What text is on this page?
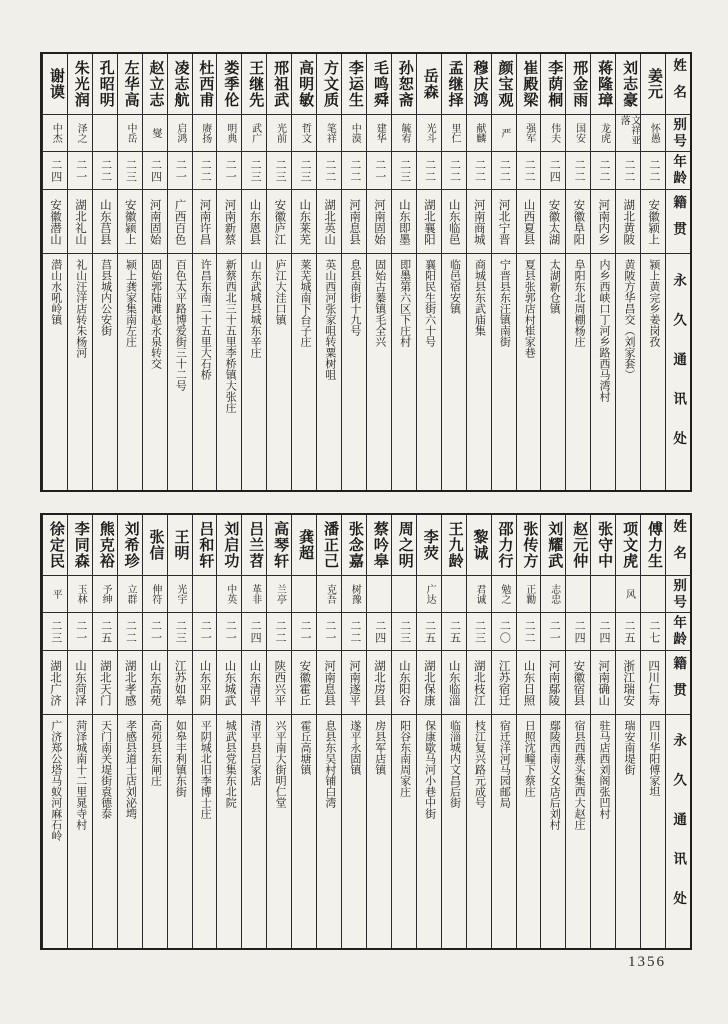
姓名
别号
年龄
籍贯
永久通讯处
姜元
怀愚
二二
安徽颍上
颍上黄完乡姜岗孜
刘志豪
文祥亚落
二二
湖北黄陂
黄陂方华昌交（刘家套）
蒋隆璋
龙虎
二二
河南内乡
内乡西峡口丁河乡路西马湾村
邢金雨
国安
二二
安徽阜阳
阜阳东北周棚杨庄
李荫桐
伟夫
二四
安徽太湖
太湖新仓镇
崔殿梁
强军
二二
山西夏县
夏县张郭店村崔家巷
颜宝观
严
二二
河北宁晋
宁晋县东汪镇南街
穆庆鸿
献麟
二二
河南商城
商城县东武庙集
孟继择
里仁
二二
山东临邑
临邑宿安镇
岳森
光斗
二二
湖北襄阳
襄阳民生街六十号
孙恕斋
毓宥
二三
山东即墨
即墨第六区下庄村
毛鸣舜
建华
二一
河南固始
固始古蓁镇毛全兴
李运生
中漠
二二
河南息县
息县南街十九号
方文质
笔祥
二二
湖北英山
英山西河张家咀转粟树咀
高明敏
哲文
二三
山东莱芜
莱芜城南下台子庄
邢祖武
光前
二三
安徽庐江
庐江大洼口镇
王继先
武广
二三
山东恩县
山东武城县城东辛庄
娄季伦
明典
二一
河南新蔡
新蔡西北三十五里李桥镇大张庄
杜西甫
赓扬
二二
河南许昌
许昌东南二十五里大石桥
凌志航
启鸿
二一
广西百色
百色太平路博爱街三十二号
赵立志
燮
二四
河南固始
固始郭陆滩赵永泉转交
左华高
中岳
二三
安徽颍上
颍上龚家集南左庄
孔昭明
二二
山东莒县
莒县城内公安街
朱光润
泽之
二一
湖北礼山
礼山汪洋店转朱杨河
谢谟
中杰
二四
安徽潜山
潜山水吼岭镇
姓名
别号
年龄
籍贯
永久通讯处
傅力生
二七
四川仁寿
四川华阳傅家坦
项文虎
风
二五
浙江瑞安
瑞安南堤街
张守中
二四
河南确山
驻马店西刘阁张凹村
赵元仲
二四
安徽宿县
宿县西燕头集西大赵庄
刘耀武
志忠
二一
河南鄢陵
鄢陵西南义女店后刘村
张传方
正勷
二二
山东日照
日照沈疃下蔡庄
邵力行
勉之
二〇
江苏宿迁
宿迁洋河马园邮局
黎诚
君诚
二三
湖北枝江
枝江复兴路元成号
王九龄
二五
山东临淄
临淄城内文昌后街
李荧
广达
二五
湖北保康
保康歇马河小巷中街
周之明
二三
山东阳谷
阳谷东南周家庄
蔡吟皋
二四
湖北房县
房县军店镇
张念嘉
树豫
二二
河南遂平
遂平永固镇
潘正己
克吾
二一
河南息县
息县东吴村铺白湾
龚超
二一
安徽霍丘
霍丘高塘镇
高琴轩
兰亭
二二
陕西兴平
兴平南大街明仁堂
吕兰苕
革非
二四
山东清平
清平县吕家店
刘启功
中英
二一
山东城武
城武县党集东北院
吕和轩
二一
山东平阴
平阴城北旧李博士庄
王明
光宇
二三
江苏如皋
如皋丰利镇东街
张信
伸符
二一
山东高苑
高苑县东闸庄
刘希珍
立群
二二
湖北孝感
孝感县道士店刘泌塆
熊克裕
予绅
二五
湖北天门
天门南关堤街袁德泰
李同森
玉林
二一
山东菏泽
菏泽城南十二里晁寺村
徐定民
平
二三
湖北广济
广济郑公塔马蚁河麻石岭
1356
